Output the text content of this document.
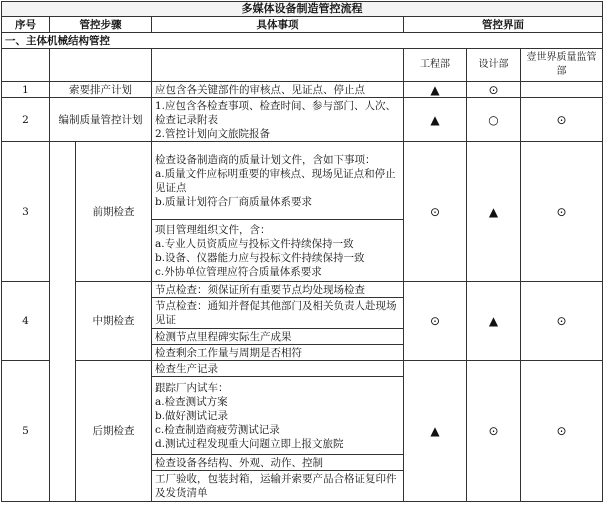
多媒体设备制造管控流程						
序号	管控步骤		具体事项	管控界面		
一、主体机械结构管控						
				工程部	设计部	壹世界质量监管部
1	索要排产计划		应包含各关键部件的审核点、见证点、停止点	▲	⊙	
2	编制质量管控计划		1.应包含各检查事项、检查时间、参与部门、人次、检查记录附表
2.管控计划向文旅院报备	▲	○	⊙
3		前期检查	检查设备制造商的质量计划文件，含如下事项：
a.质量文件应标明重要的审核点、现场见证点和停止见证点
b.质量计划符合厂商质量体系要求	⊙	▲	⊙
			项目管理组织文件，含：
a.专业人员资质应与投标文件持续保持一致
b.设备、仪器能力应与投标文件持续保持一致
c.外协单位管理应符合质量体系要求			
4		中期检查	节点检查：须保证所有重要节点均处现场检查	⊙	▲	⊙
			节点检查：通知并督促其他部门及相关负责人赴现场见证			
			检测节点里程碑实际生产成果			
			检查剩余工作量与周期是否相符			
5		后期检查	检查生产记录	▲	⊙	⊙
			跟踪厂内试车：
a.检查测试方案
b.做好测试记录
c.检查制造商疲劳测试记录
d.测试过程发现重大问题立即上报文旅院			
			检查设备各结构、外观、动作、控制			
			工厂验收，包装封箱，运输并索要产品合格证复印件及发货清单			
